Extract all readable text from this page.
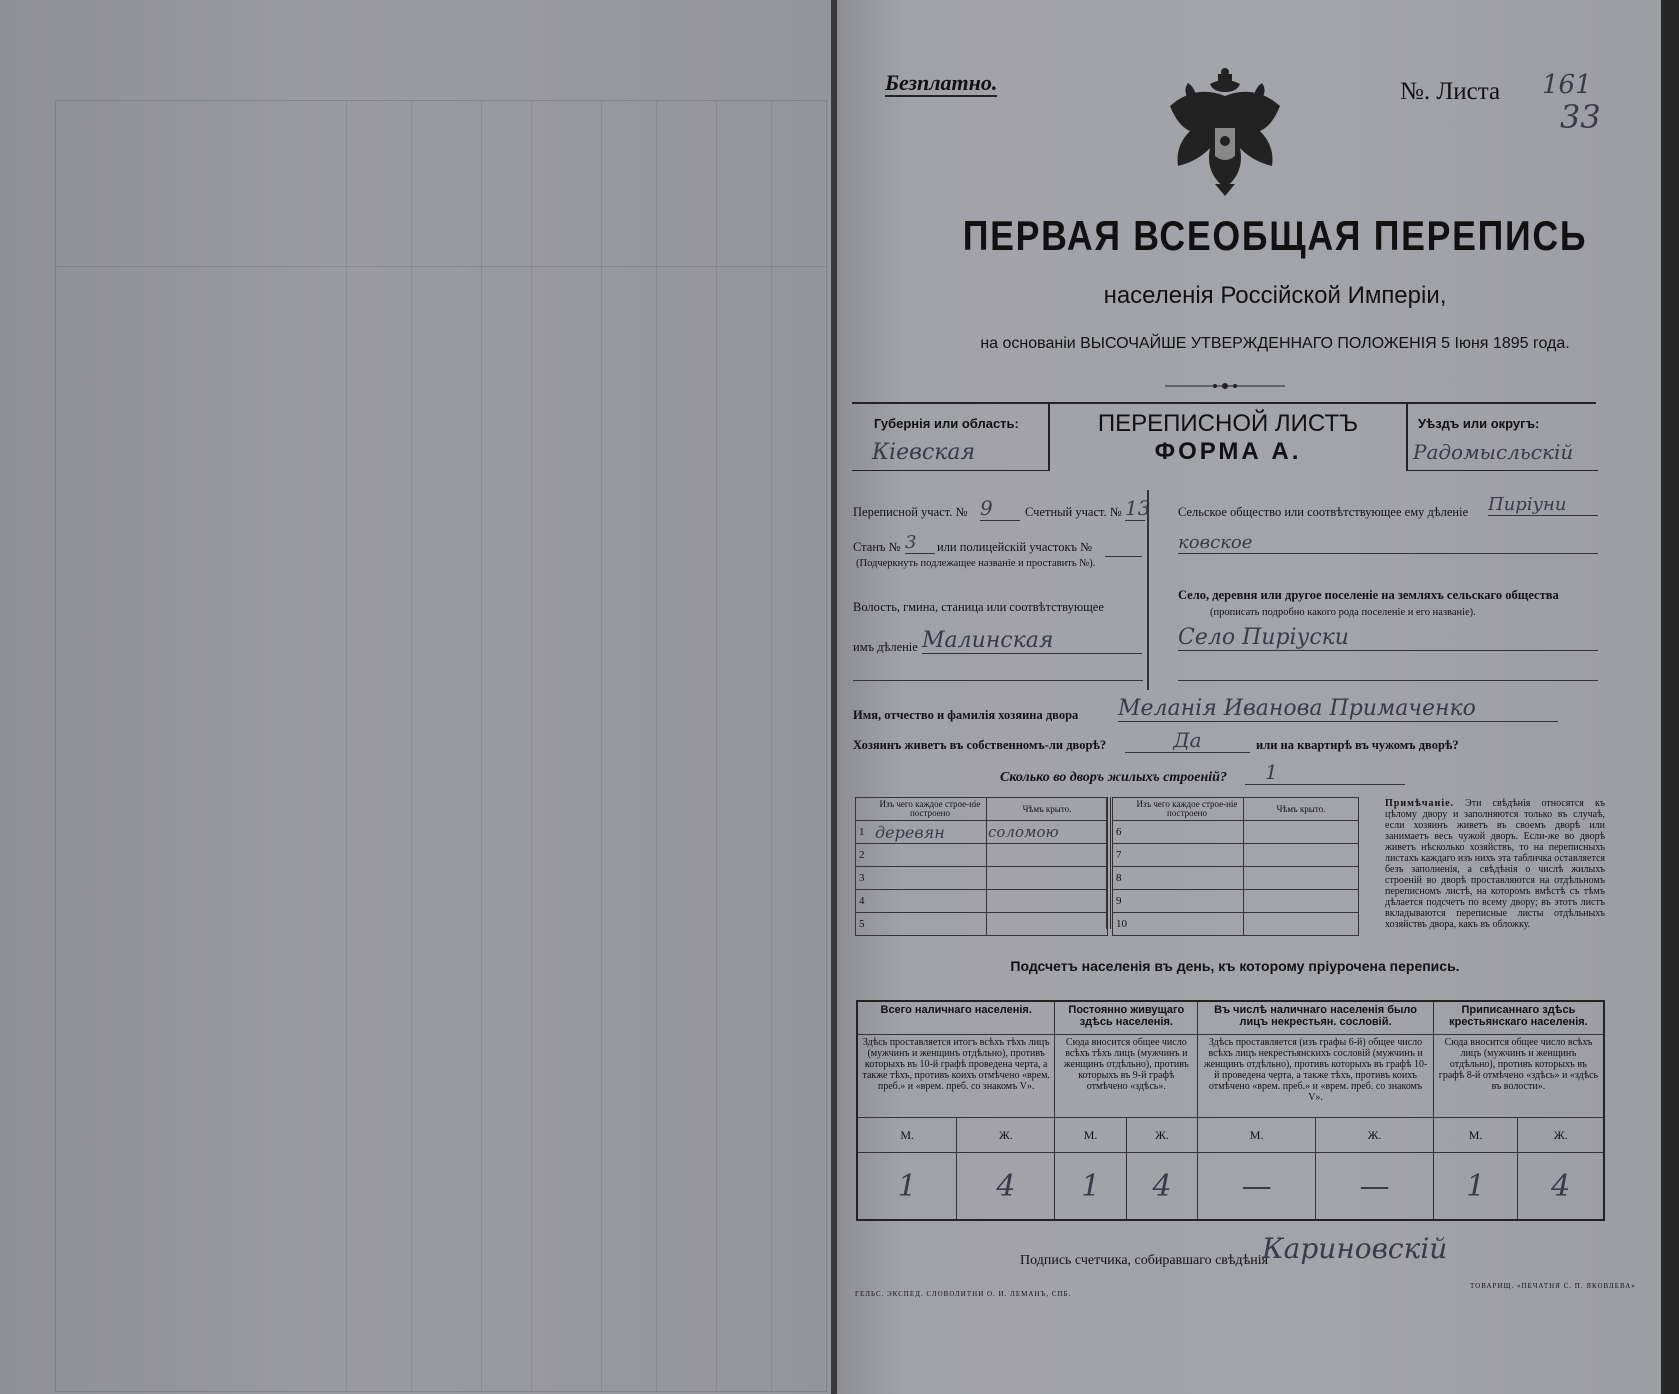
Безплатно.	№. Листа 161
33
ПЕРВАЯ ВСЕОБЩАЯ ПЕРЕПИСЬ
населенія Россійской Имперіи,
на основаніи ВЫСОЧАЙШЕ УТВЕРЖДЕННАГО ПОЛОЖЕНІЯ 5 Іюня 1895 года.
Губернія или область:
Кіевская
ПЕРЕПИСНОЙ ЛИСТЪ
ФОРМА А.
Уѣздъ или округъ:
Радомысльскій
Переписной участ. № 9	Счетный участ. № 13
Станъ № 3	или полицейскій участокъ №
(Подчеркнуть подлежащее названіе и проставить №).
Волость, гмина, станица или соотвѣтствующее
имъ дѣленіе Малинская
Сельское общество или соотвѣтствующее ему дѣленіе Пиріуни
ковское
Село, деревня или другое поселеніе на земляхъ сельскаго общества
(прописать подробно какого рода поселеніе и его названіе).
Село Пиріуски
Имя, отчество и фамилія хозяина двора Меланія Иванова Примаченко
Хозяинъ живетъ въ собственномъ-ли дворѣ?	Да	или на квартирѣ въ чужомъ дворѣ?
Сколько во дворъ жилыхъ строеній?	1
	Изъ чего каждое строе-ніе построено	Чѣмъ крыто.
1	деревян	соломою
2		
3		
4		
5		
	Изъ чего каждое строе-ніе построено	Чѣмъ крыто.
6		
7		
8		
9		
10		
Примѣчаніе. Эти свѣдѣнія относятся къ цѣлому двору и заполняются только въ случаѣ, если хозяинъ живетъ въ своемъ дворѣ или занимаетъ весь чужой дворъ. Если-же во дворѣ живетъ нѣсколько хозяйствъ, то на переписныхъ листахъ каждаго изъ нихъ эта табличка оставляется безъ заполненія, а свѣдѣнія о числѣ жилыхъ строеній во дворѣ проставляются на отдѣльномъ переписномъ листѣ, на которомъ вмѣстѣ съ тѣмъ дѣлается подсчетъ по всему двору; въ этотъ листъ вкладываются переписные листы отдѣльныхъ хозяйствъ двора, какъ въ обложку.
Подсчетъ населенія въ день, къ которому пріурочена перепись.
Всего наличнаго населенія.		Постоянно живущаго здѣсь населенія.		Въ числѣ наличнаго населенія было лицъ некрестьян. сословій.		Приписаннаго здѣсь крестьянскаго населенія.	
Здѣсь проставляется итогъ всѣхъ тѣхъ лицъ (мужчинъ и женщинъ отдѣльно), противъ которыхъ въ 10-й графѣ проведена черта, а также тѣхъ, противъ коихъ отмѣчено «врем. преб.» и «врем. преб. со знакомъ V».		Сюда вносится общее число всѣхъ тѣхъ лицъ (мужчинъ и женщинъ отдѣльно), противъ которыхъ въ 9-й графѣ отмѣчено «здѣсь».		Здѣсь проставляется (изъ графы 6-й) общее число всѣхъ лицъ некрестьянскихъ сословій (мужчинъ и женщинъ отдѣльно), противъ которыхъ въ графѣ 10-й проведена черта, а также тѣхъ, противъ коихъ отмѣчено «врем. преб.» и «врем. преб. со знакомъ V».		Сюда вносится общее число всѣхъ лицъ (мужчинъ и женщинъ отдѣльно), противъ которыхъ въ графѣ 8-й отмѣчено «здѣсь» и «здѣсь въ волости».	
М.	Ж.	М.	Ж.	М.	Ж.	М.	Ж.
1	4	1	4	—	—	1	4
Подпись счетчика, собиравшаго свѣдѣнія
Кариновскій
ГЕЛЬС. ЭКСПЕД. СЛОВОЛИТНИ О. И. ЛЕМАНЪ, СПБ.
ТОВАРИЩ. «ПЕЧАТНЯ С. П. ЯКОВЛЕВА»
